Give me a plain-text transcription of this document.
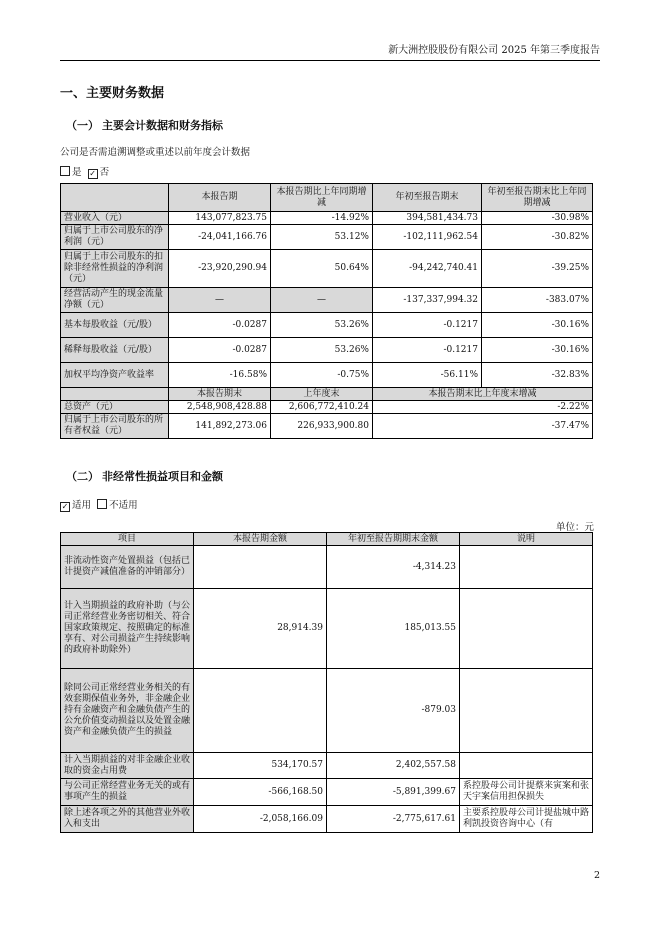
新大洲控股股份有限公司 2025 年第三季度报告
一、主要财务数据
（一） 主要会计数据和财务指标
公司是否需追溯调整或重述以前年度会计数据
是 ✓ 否
	本报告期	本报告期比上年同期增减	年初至报告期末	年初至报告期末比上年同期增减
营业收入（元）	143,077,823.75	-14.92%	394,581,434.73	-30.98%
归属于上市公司股东的净利润（元）	-24,041,166.76	53.12%	-102,111,962.54	-30.82%
归属于上市公司股东的扣除非经常性损益的净利润（元）	-23,920,290.94	50.64%	-94,242,740.41	-39.25%
经营活动产生的现金流量净额（元）	—	—	-137,337,994.32	-383.07%
基本每股收益（元/股）	-0.0287	53.26%	-0.1217	-30.16%
稀释每股收益（元/股）	-0.0287	53.26%	-0.1217	-30.16%
加权平均净资产收益率	-16.58%	-0.75%	-56.11%	-32.83%
	本报告期末	上年度末	本报告期末比上年度末增减	
总资产（元）	2,548,908,428.88	2,606,772,410.24	-2.22%	
归属于上市公司股东的所有者权益（元）	141,892,273.06	226,933,900.80	-37.47%	
（二） 非经常性损益项目和金额
✓ 适用 不适用
单位：元
项目	本报告期金额	年初至报告期期末金额	说明
非流动性资产处置损益（包括已计提资产减值准备的冲销部分）		-4,314.23	
计入当期损益的政府补助（与公司正常经营业务密切相关、符合国家政策规定、按照确定的标准享有、对公司损益产生持续影响的政府补助除外）	28,914.39	185,013.55	
除同公司正常经营业务相关的有效套期保值业务外，非金融企业持有金融资产和金融负债产生的公允价值变动损益以及处置金融资产和金融负债产生的损益		-879.03	
计入当期损益的对非金融企业收取的资金占用费	534,170.57	2,402,557.58	
与公司正常经营业务无关的或有事项产生的损益	-566,168.50	-5,891,399.67	系控股母公司计提蔡来寅案和张天宇案信用担保损失
除上述各项之外的其他营业外收入和支出	-2,058,166.09	-2,775,617.61	主要系控股母公司计提盐城中路利凯投资咨询中心（有
2
